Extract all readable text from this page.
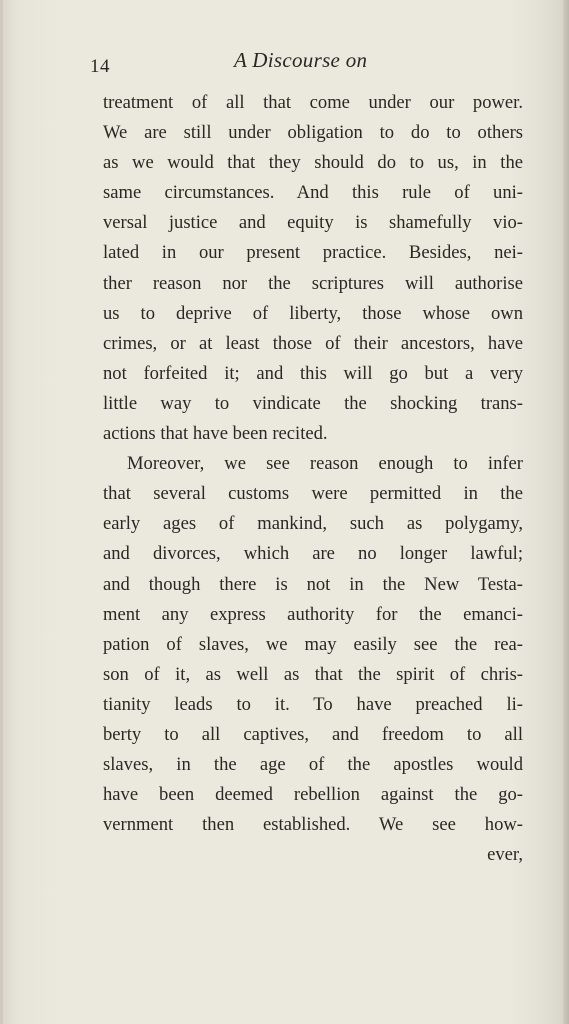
14	A Discourse on
treatment of all that come under our power.
We are still under obligation to do to others
as we would that they should do to us, in the
same circumstances. And this rule of uni-
versal justice and equity is shamefully vio-
lated in our present practice. Besides, nei-
ther reason nor the scriptures will authorise
us to deprive of liberty, those whose own
crimes, or at least those of their ancestors, have
not forfeited it; and this will go but a very
little way to vindicate the shocking trans-
actions that have been recited.
Moreover, we see reason enough to infer
that several customs were permitted in the
early ages of mankind, such as polygamy,
and divorces, which are no longer lawful;
and though there is not in the New Testa-
ment any express authority for the emanci-
pation of slaves, we may easily see the rea-
son of it, as well as that the spirit of chris-
tianity leads to it. To have preached li-
berty to all captives, and freedom to all
slaves, in the age of the apostles would
have been deemed rebellion against the go-
vernment then established. We see how-
ever,
